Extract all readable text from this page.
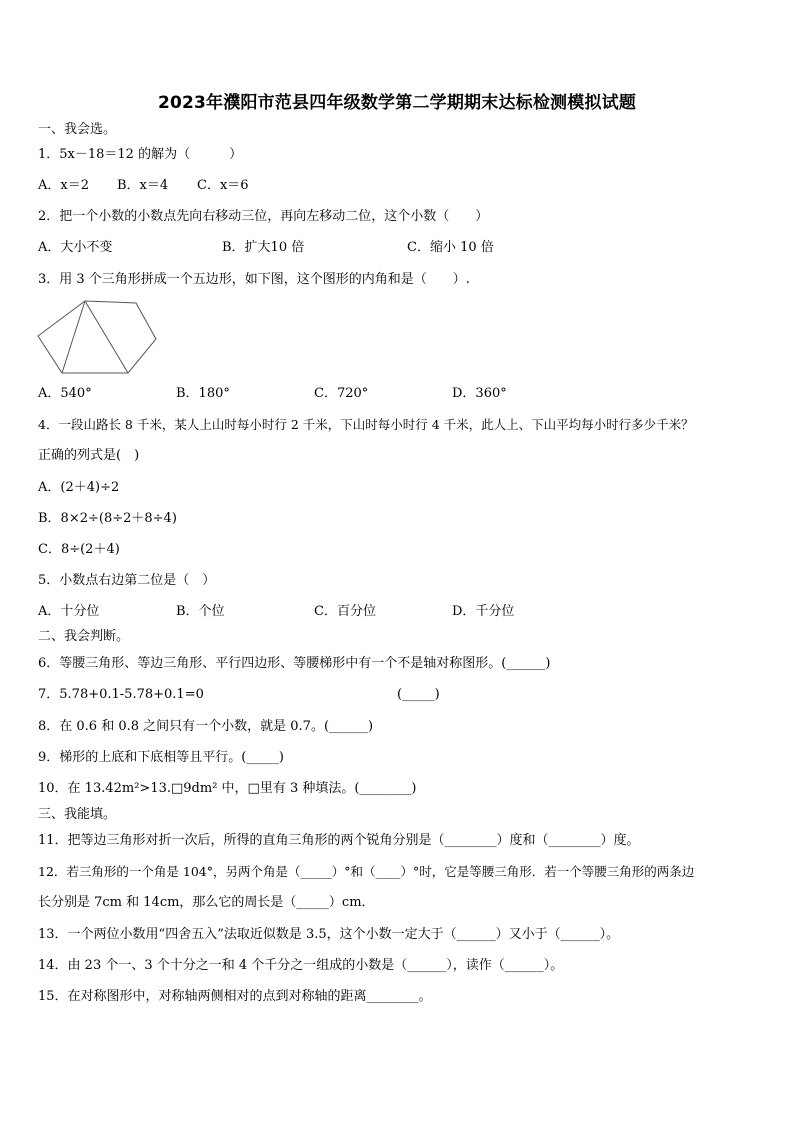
2023年濮阳市范县四年级数学第二学期期末达标检测模拟试题
一、我会选。
1．5x－18＝12 的解为（　　　）
A．x＝2 B．x＝4 C．x＝6
2．把一个小数的小数点先向右移动三位，再向左移动二位，这个小数（　　）
A．大小不变	B．扩大10 倍	C．缩小 10 倍
3．用 3 个三角形拼成一个五边形，如下图，这个图形的内角和是（　　）.
A．540°	B．180°	C．720°	D．360°
4．一段山路长 8 千米，某人上山时每小时行 2 千米，下山时每小时行 4 千米，此人上、下山平均每小时行多少千米？
正确的列式是(　)
A．(2＋4)÷2
B．8×2÷(8÷2＋8÷4)
C．8÷(2＋4)
5．小数点右边第二位是（　）
A．十分位	B．个位	C．百分位	D．千分位
二、我会判断。
6．等腰三角形、等边三角形、平行四边形、等腰梯形中有一个不是轴对称图形。(______)
7．5.78+0.1-5.78+0.1=0	(_____)
8．在 0.6 和 0.8 之间只有一个小数，就是 0.7。(______)
9．梯形的上底和下底相等且平行。(_____)
10．在 13.42m²>13.□9dm² 中，□里有 3 种填法。(________)
三、我能填。
11．把等边三角形对折一次后，所得的直角三角形的两个锐角分别是（________）度和（________）度。
12．若三角形的一个角是 104°，另两个角是（_____）°和（____）°时，它是等腰三角形．若一个等腰三角形的两条边
长分别是 7cm 和 14cm，那么它的周长是（_____）cm．
13．一个两位小数用“四舍五入”法取近似数是 3.5，这个小数一定大于（______）又小于（______）。
14．由 23 个一、3 个十分之一和 4 个千分之一组成的小数是（______），读作（______）。
15．在对称图形中，对称轴两侧相对的点到对称轴的距离________。
